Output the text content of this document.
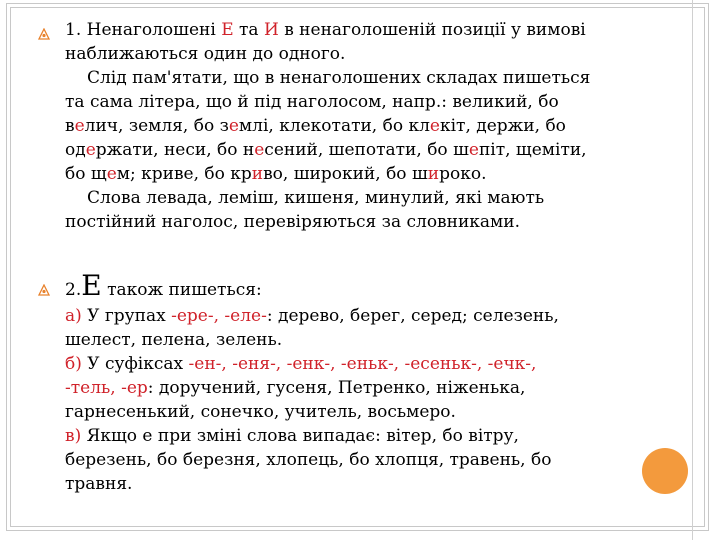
1. Ненаголошені Е та И в ненаголошеній позиції у вимові
наближаються один до одного.
Слід пам'ятати, що в ненаголошених складах пишеться
та сама літера, що й під наголосом, напр.: великий, бо
велич, земля, бо землі, клекотати, бо клекіт, держи, бо
одержати, неси, бо несений, шепотати, бо шепіт, щеміти,
бо щем; криве, бо криво, широкий, бо широко.
Слова левада, леміш, кишеня, минулий, які мають
постійний наголос, перевіряються за словниками.
2.Е також пишеться:
а) У групах -ере-, -еле-: дерево, берег, серед; селезень,
шелест, пелена, зелень.
б) У суфіксах -ен-, -еня-, -енк-, -еньк-, -есеньк-, -ечк-,
-тель, -ер: доручений, гусеня, Петренко, ніженька,
гарнесенький, сонечко, учитель, восьмеро.
в) Якщо е при зміні слова випадає: вітер, бо вітру,
березень, бо березня, хлопець, бо хлопця, травень, бо
травня.
